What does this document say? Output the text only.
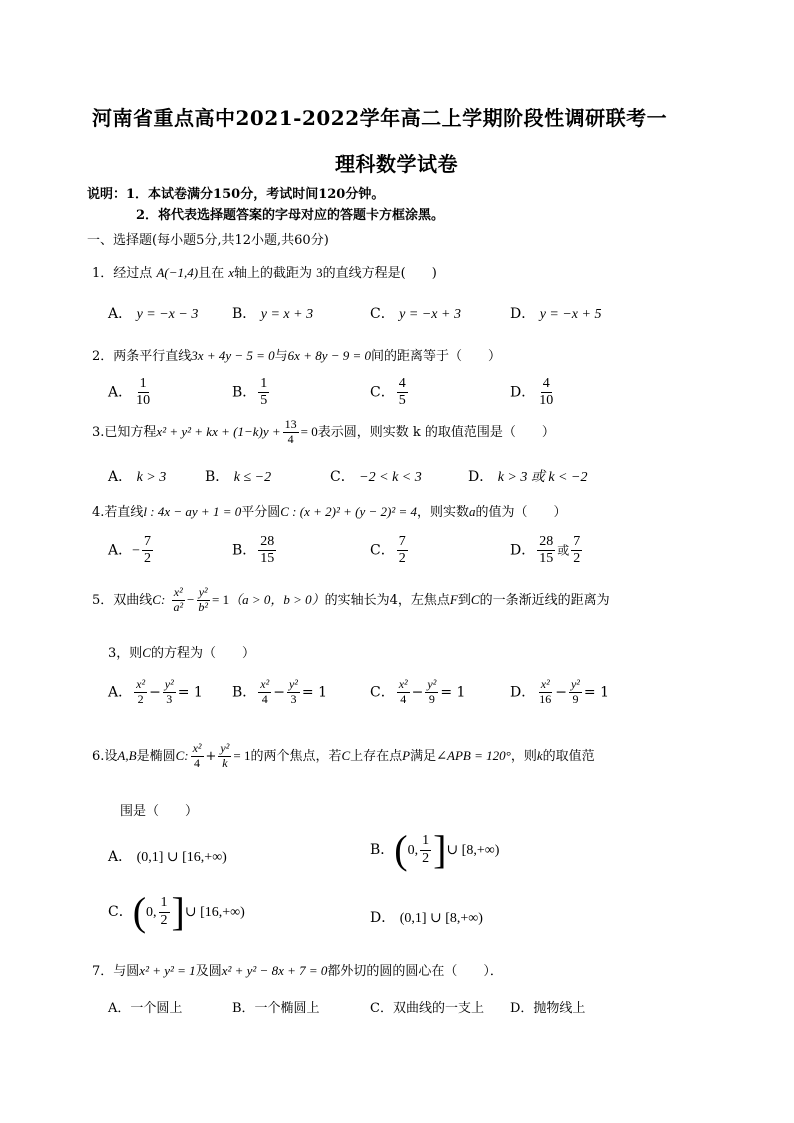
河南省重点高中2021-2022学年高二上学期阶段性调研联考一
理科数学试卷
说明：1．本试卷满分150分，考试时间120分钟。
2．将代表选择题答案的字母对应的答题卡方框涂黑。
一、选择题(每小题5分,共12小题,共60分)
1．经过点 A(−1,4)且在 x轴上的截距为 3的直线方程是(　　)
A． y = −x − 3 B． y = x + 3	C． y = −x + 3	D． y = −x + 5
2．两条平行直线3x + 4y − 5 = 0与6x + 8y − 9 = 0间的距离等于（　　）
A． $\frac{1}{10}$	B． $\frac{1}{5}$	C． $\frac{4}{5}$	D． $\frac{4}{10}$
3.已知方程x² + y² + kx + $(1-k)y + \frac{13}{4} = 0$表示圆，则实数 k 的取值范围是（　　）
A． k > 3	B． k ≤ −2	C． −2 < k < 3	D． k > 3 或 k < −2
4.若直线l : 4x − ay + 1 = 0平分圆C : (x + 2)² + (y − 2)² = 4，则实数a的值为（　　）
A．− $\frac{7}{2}$	B． $\frac{28}{15}$	C． $\frac{7}{2}$	D． $\frac{28}{15}$ 或 $\frac{7}{2}$
5．双曲线C: $\frac{\text{x²}}{\text{a²}} - \frac{\text{y²}}{\text{b²}} = 1(a > 0$，b > 0）的实轴长为4，左焦点F到C的一条渐近线的距离为
3，则C的方程为（　　）
A． $\frac{\text{x²}}{2} - \frac{\text{y²}}{3} = 1$ B． $\frac{\text{x²}}{4} - \frac{\text{y²}}{3} = 1$	C． $\frac{\text{x²}}{4} - \frac{\text{y²}}{9} = 1$	D． $\frac{\text{x²}}{16} - \frac{\text{y²}}{9} = 1$
6.设A,B是椭圆C: $\frac{\text{x²}}{4} + \frac{\text{y²}}{k} = 1$的两个焦点，若C上存在点P满足∠APB = 120°，则k的取值范
围是（　　）
A． (0,1] ∪ [16,+∞)	B．(0, $\frac{1}{2}$ ]∪ [8,+∞)
C．(0, $\frac{1}{2}$ ]∪ [16,+∞)	D． (0,1] ∪ [8,+∞)
7．与圆x² + y² = 1及圆x² + y² − 8x + 7 = 0都外切的圆的圆心在（　　）．
A．一个圆上	B．一个椭圆上	C．双曲线的一支上 D．抛物线上
